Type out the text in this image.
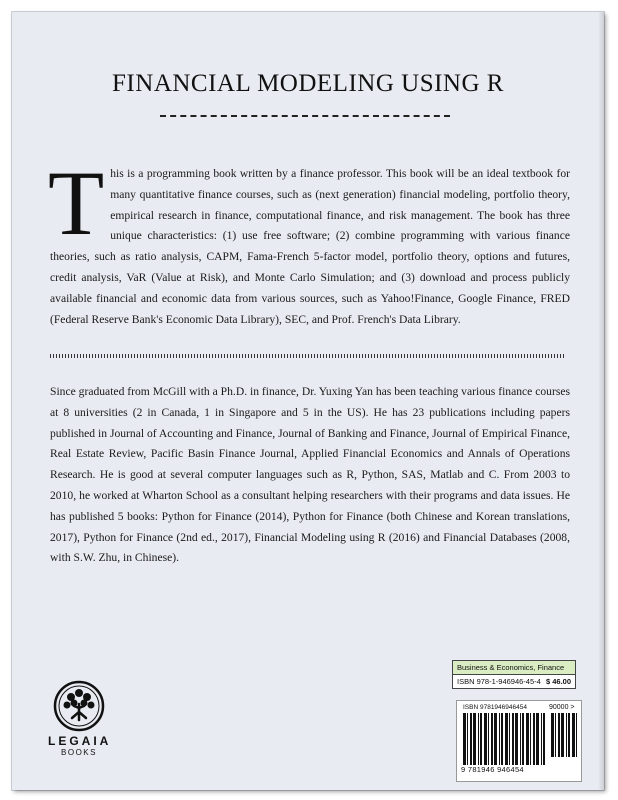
FINANCIAL MODELING USING R
T his is a programming book written by a finance professor. This book will be an ideal textbook for many quantitative finance courses, such as (next generation) financial modeling, portfolio theory, empirical research in finance, computational finance, and risk management. The book has three unique characteristics: (1) use free software; (2) combine programming with various finance theories, such as ratio analysis, CAPM, Fama-French 5-factor model, portfolio theory, options and futures, credit analysis, VaR (Value at Risk), and Monte Carlo Simulation; and (3) download and process publicly available financial and economic data from various sources, such as Yahoo!Finance, Google Finance, FRED (Federal Reserve Bank's Economic Data Library), SEC, and Prof. French's Data Library.
Since graduated from McGill with a Ph.D. in finance, Dr. Yuxing Yan has been teaching various finance courses at 8 universities (2 in Canada, 1 in Singapore and 5 in the US). He has 23 publications including papers published in Journal of Accounting and Finance, Journal of Banking and Finance, Journal of Empirical Finance, Real Estate Review, Pacific Basin Finance Journal, Applied Financial Economics and Annals of Operations Research. He is good at several computer languages such as R, Python, SAS, Matlab and C. From 2003 to 2010, he worked at Wharton School as a consultant helping researchers with their programs and data issues. He has published 5 books: Python for Finance (2014), Python for Finance (both Chinese and Korean translations, 2017), Python for Finance (2nd ed., 2017), Financial Modeling using R (2016) and Financial Databases (2008, with S.W. Zhu, in Chinese).
LEGAIA
BOOKS
Business & Economics, Finance
ISBN 978-1-946946-45-4 $ 46.00
ISBN 9781946946454
9 781946 946454
90000 >
